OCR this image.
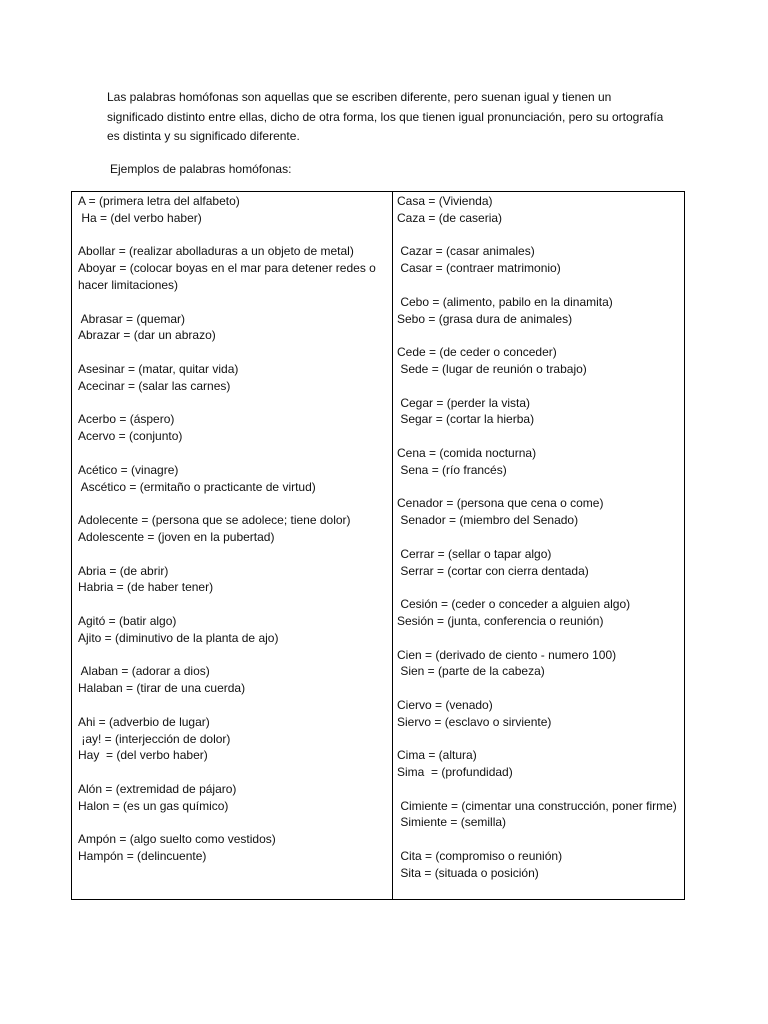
Las palabras homófonas son aquellas que se escriben diferente, pero suenan igual y tienen un significado distinto entre ellas, dicho de otra forma, los que tienen igual pronunciación, pero su ortografía es distinta y su significado diferente.

Ejemplos de palabras homófonas:
A = (primera letra del alfabeto)
Ha = (del verbo haber)
Abollar = (realizar abolladuras a un objeto de metal)
Aboyar = (colocar boyas en el mar para detener redes o hacer limitaciones)
Abrasar = (quemar)
Abrazar = (dar un abrazo)
Asesinar = (matar, quitar vida)
Acecinar = (salar las carnes)
Acerbo = (áspero)
Acervo = (conjunto)
Acético = (vinagre)
Ascético = (ermitaño o practicante de virtud)
Adolecente = (persona que se adolece; tiene dolor)
Adolescente = (joven en la pubertad)
Abria = (de abrir)
Habria = (de haber tener)
Agitó = (batir algo)
Ajito = (diminutivo de la planta de ajo)
Alaban = (adorar a dios)
Halaban = (tirar de una cuerda)
Ahi = (adverbio de lugar)
¡ay! = (interjección de dolor)
Hay  = (del verbo haber)
Alón = (extremidad de pájaro)
Halon = (es un gas químico)
Ampón = (algo suelto como vestidos)
Hampón = (delincuente)
Casa = (Vivienda)
Caza = (de caseria)
Cazar = (casar animales)
Casar = (contraer matrimonio)
Cebo = (alimento, pabilo en la dinamita)
Sebo = (grasa dura de animales)
Cede = (de ceder o conceder)
Sede = (lugar de reunión o trabajo)
Cegar = (perder la vista)
Segar = (cortar la hierba)
Cena = (comida nocturna)
Sena = (río francés)
Cenador = (persona que cena o come)
Senador = (miembro del Senado)
Cerrar = (sellar o tapar algo)
Serrar = (cortar con cierra dentada)
Cesión = (ceder o conceder a alguien algo)
Sesión = (junta, conferencia o reunión)
Cien = (derivado de ciento - numero 100)
Sien = (parte de la cabeza)
Ciervo = (venado)
Siervo = (esclavo o sirviente)
Cima = (altura)
Sima  = (profundidad)
Cimiente = (cimentar una construcción, poner firme)
Simiente = (semilla)
Cita = (compromiso o reunión)
Sita = (situada o posición)
